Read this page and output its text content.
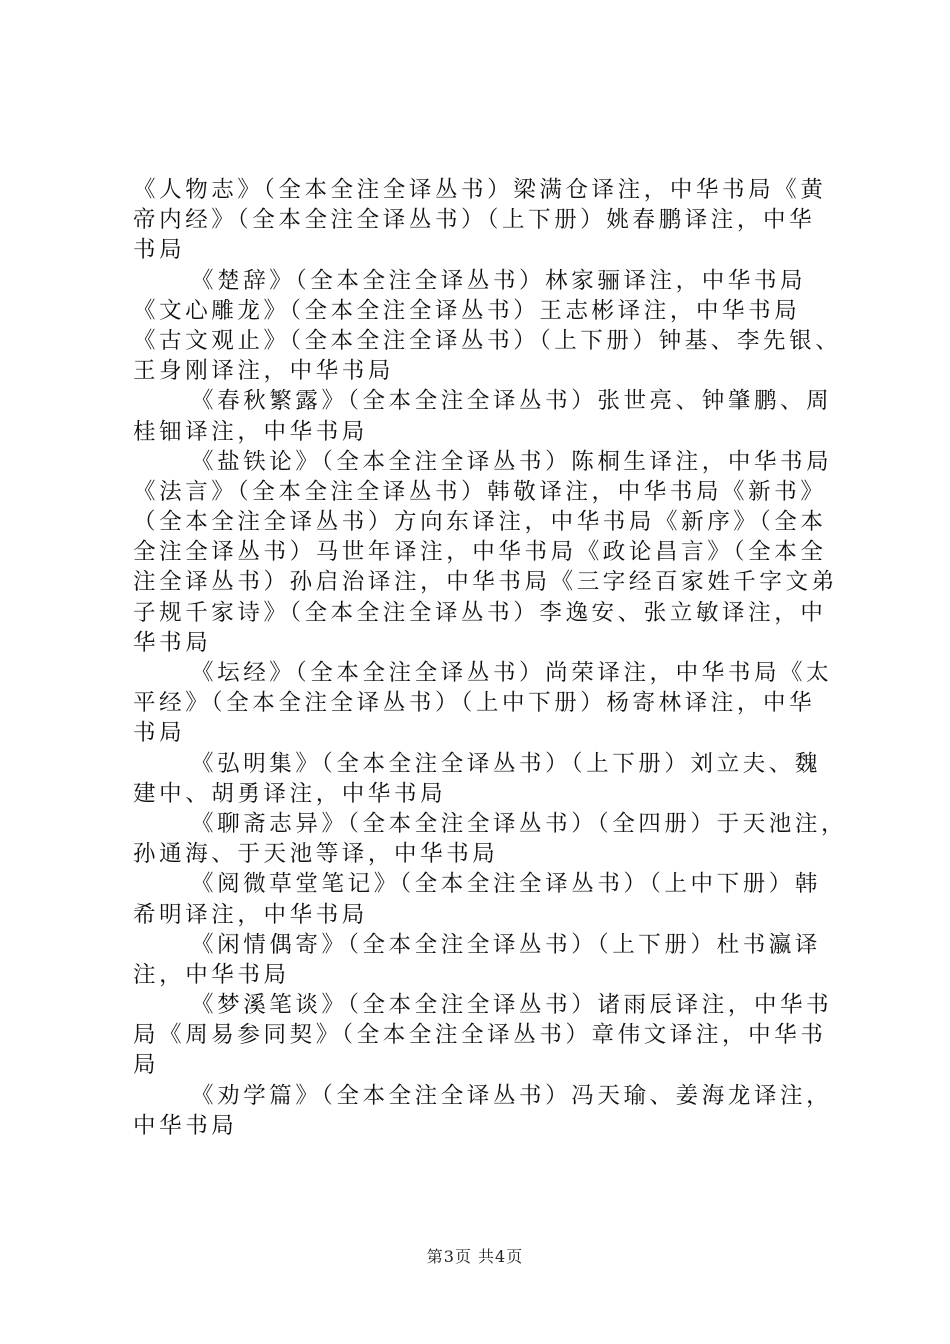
《人物志》（全本全注全译丛书）梁满仓译注，中华书局《黄
帝内经》（全本全注全译丛书）（上下册）姚春鹏译注，中华
书局
《楚辞》（全本全注全译丛书）林家骊译注，中华书局
《文心雕龙》（全本全注全译丛书）王志彬译注，中华书局
《古文观止》（全本全注全译丛书）（上下册）钟基、李先银、
王身刚译注，中华书局
《春秋繁露》（全本全注全译丛书）张世亮、钟肇鹏、周
桂钿译注，中华书局
《盐铁论》（全本全注全译丛书）陈桐生译注，中华书局
《法言》（全本全注全译丛书）韩敬译注，中华书局《新书》
（全本全注全译丛书）方向东译注，中华书局《新序》（全本
全注全译丛书）马世年译注，中华书局《政论昌言》（全本全
注全译丛书）孙启治译注，中华书局《三字经百家姓千字文弟
子规千家诗》（全本全注全译丛书）李逸安、张立敏译注，中
华书局
《坛经》（全本全注全译丛书）尚荣译注，中华书局《太
平经》（全本全注全译丛书）（上中下册）杨寄林译注，中华
书局
《弘明集》（全本全注全译丛书）（上下册）刘立夫、魏
建中、胡勇译注，中华书局
《聊斋志异》（全本全注全译丛书）（全四册）于天池注，
孙通海、于天池等译，中华书局
《阅微草堂笔记》（全本全注全译丛书）（上中下册）韩
希明译注，中华书局
《闲情偶寄》（全本全注全译丛书）（上下册）杜书瀛译
注，中华书局
《梦溪笔谈》（全本全注全译丛书）诸雨辰译注，中华书
局《周易参同契》（全本全注全译丛书）章伟文译注，中华书
局
《劝学篇》（全本全注全译丛书）冯天瑜、姜海龙译注，
中华书局
第3页 共4页
